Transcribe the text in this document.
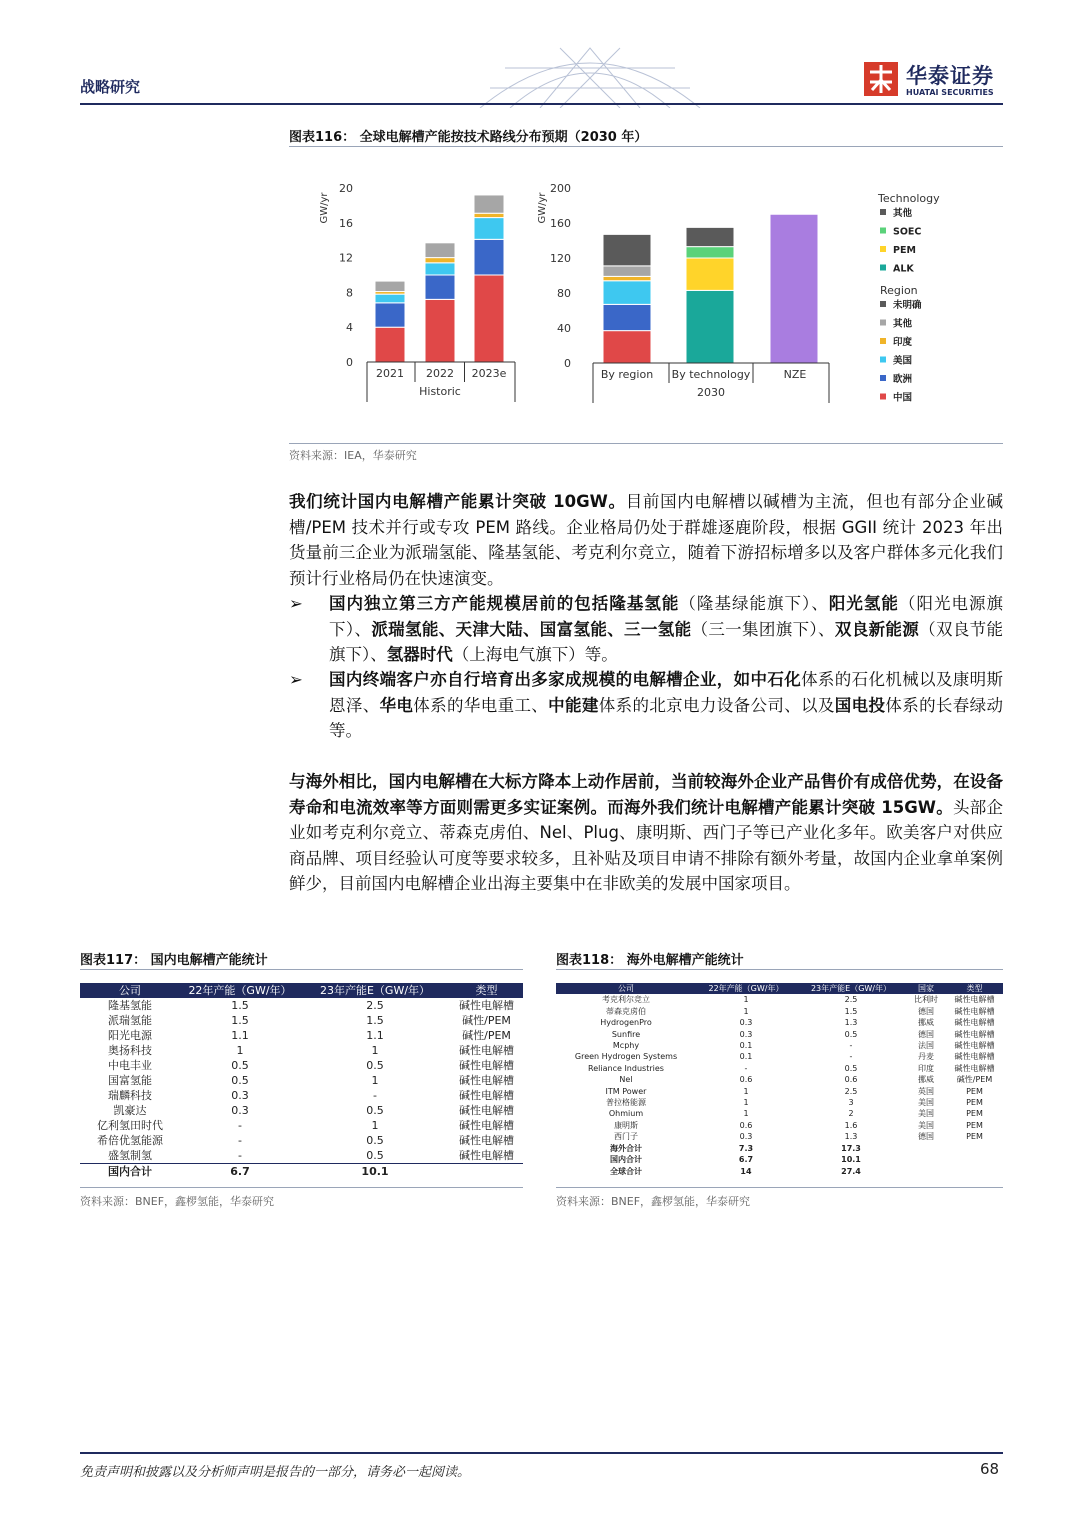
战略研究	华泰证券
HUATAI SECURITIES
图表116： 全球电解槽产能按技术路线分布预期（2030 年）
GW/yr
0
4
8
12
16
20
2021 2022 2023e
Historic
GW/yr
0
40
80
120
160
200
By region By technology	NZE
2030
Technology
其他
SOEC
PEM
ALK
Region
未明确
其他
印度
美国
欧洲
中国
资料来源：IEA，华泰研究
我们统计国内电解槽产能累计突破 10GW。目前国内电解槽以碱槽为主流，但也有部分企业碱槽/PEM 技术并行或专攻 PEM 路线。企业格局仍处于群雄逐鹿阶段，根据 GGII 统计 2023 年出货量前三企业为派瑞氢能、隆基氢能、考克利尔竞立，随着下游招标增多以及客户群体多元化我们预计行业格局仍在快速演变。
➢ 国内独立第三方产能规模居前的包括隆基氢能（隆基绿能旗下）、阳光氢能（阳光电源旗下）、派瑞氢能、天津大陆、国富氢能、三一氢能（三一集团旗下）、双良新能源（双良节能旗下）、氢器时代（上海电气旗下）等。
➢ 国内终端客户亦自行培育出多家成规模的电解槽企业，如中石化体系的石化机械以及康明斯恩泽、华电体系的华电重工、中能建体系的北京电力设备公司、以及国电投体系的长春绿动等。
与海外相比，国内电解槽在大标方降本上动作居前，当前较海外企业产品售价有成倍优势，在设备寿命和电流效率等方面则需更多实证案例。而海外我们统计电解槽产能累计突破 15GW。头部企业如考克利尔竞立、蒂森克虏伯、Nel、Plug、康明斯、西门子等已产业化多年。欧美客户对供应商品牌、项目经验认可度等要求较多，且补贴及项目申请不排除有额外考量，故国内企业拿单案例鲜少，目前国内电解槽企业出海主要集中在非欧美的发展中国家项目。
图表117： 国内电解槽产能统计
公司	22年产能（GW/年）	23年产能E（GW/年）	类型
隆基氢能	1.5	2.5	碱性电解槽
派瑞氢能	1.5	1.5	碱性/PEM
阳光电源	1.1	1.1	碱性/PEM
奥扬科技	1	1	碱性电解槽
中电丰业	0.5	0.5	碱性电解槽
国富氢能	0.5	1	碱性电解槽
瑞麟科技	0.3	-	碱性电解槽
凯豪达	0.3	0.5	碱性电解槽
亿利氢田时代	-	1	碱性电解槽
希倍优氢能源	-	0.5	碱性电解槽
盛氢制氢	-	0.5	碱性电解槽
国内合计	6.7	10.1	
资料来源：BNEF，鑫椤氢能，华泰研究
图表118： 海外电解槽产能统计
公司	22年产能（GW/年）	23年产能E（GW/年）	国家	类型
考克利尔竞立	1	2.5	比利时	碱性电解槽
蒂森克虏伯	1	1.5	德国	碱性电解槽
HydrogenPro	0.3	1.3	挪威	碱性电解槽
Sunfire	0.3	0.5	德国	碱性电解槽
Mcphy	0.1	-	法国	碱性电解槽
Green Hydrogen Systems	0.1	-	丹麦	碱性电解槽
Reliance Industries	-	0.5	印度	碱性电解槽
Nel	0.6	0.6	挪威	碱性/PEM
ITM Power	1	2.5	英国	PEM
普拉格能源	1	3	美国	PEM
Ohmium	1	2	美国	PEM
康明斯	0.6	1.6	美国	PEM
西门子	0.3	1.3	德国	PEM
海外合计	7.3	17.3		
国内合计	6.7	10.1		
全球合计	14	27.4		
资料来源：BNEF，鑫椤氢能，华泰研究
免责声明和披露以及分析师声明是报告的一部分，请务必一起阅读。	68
